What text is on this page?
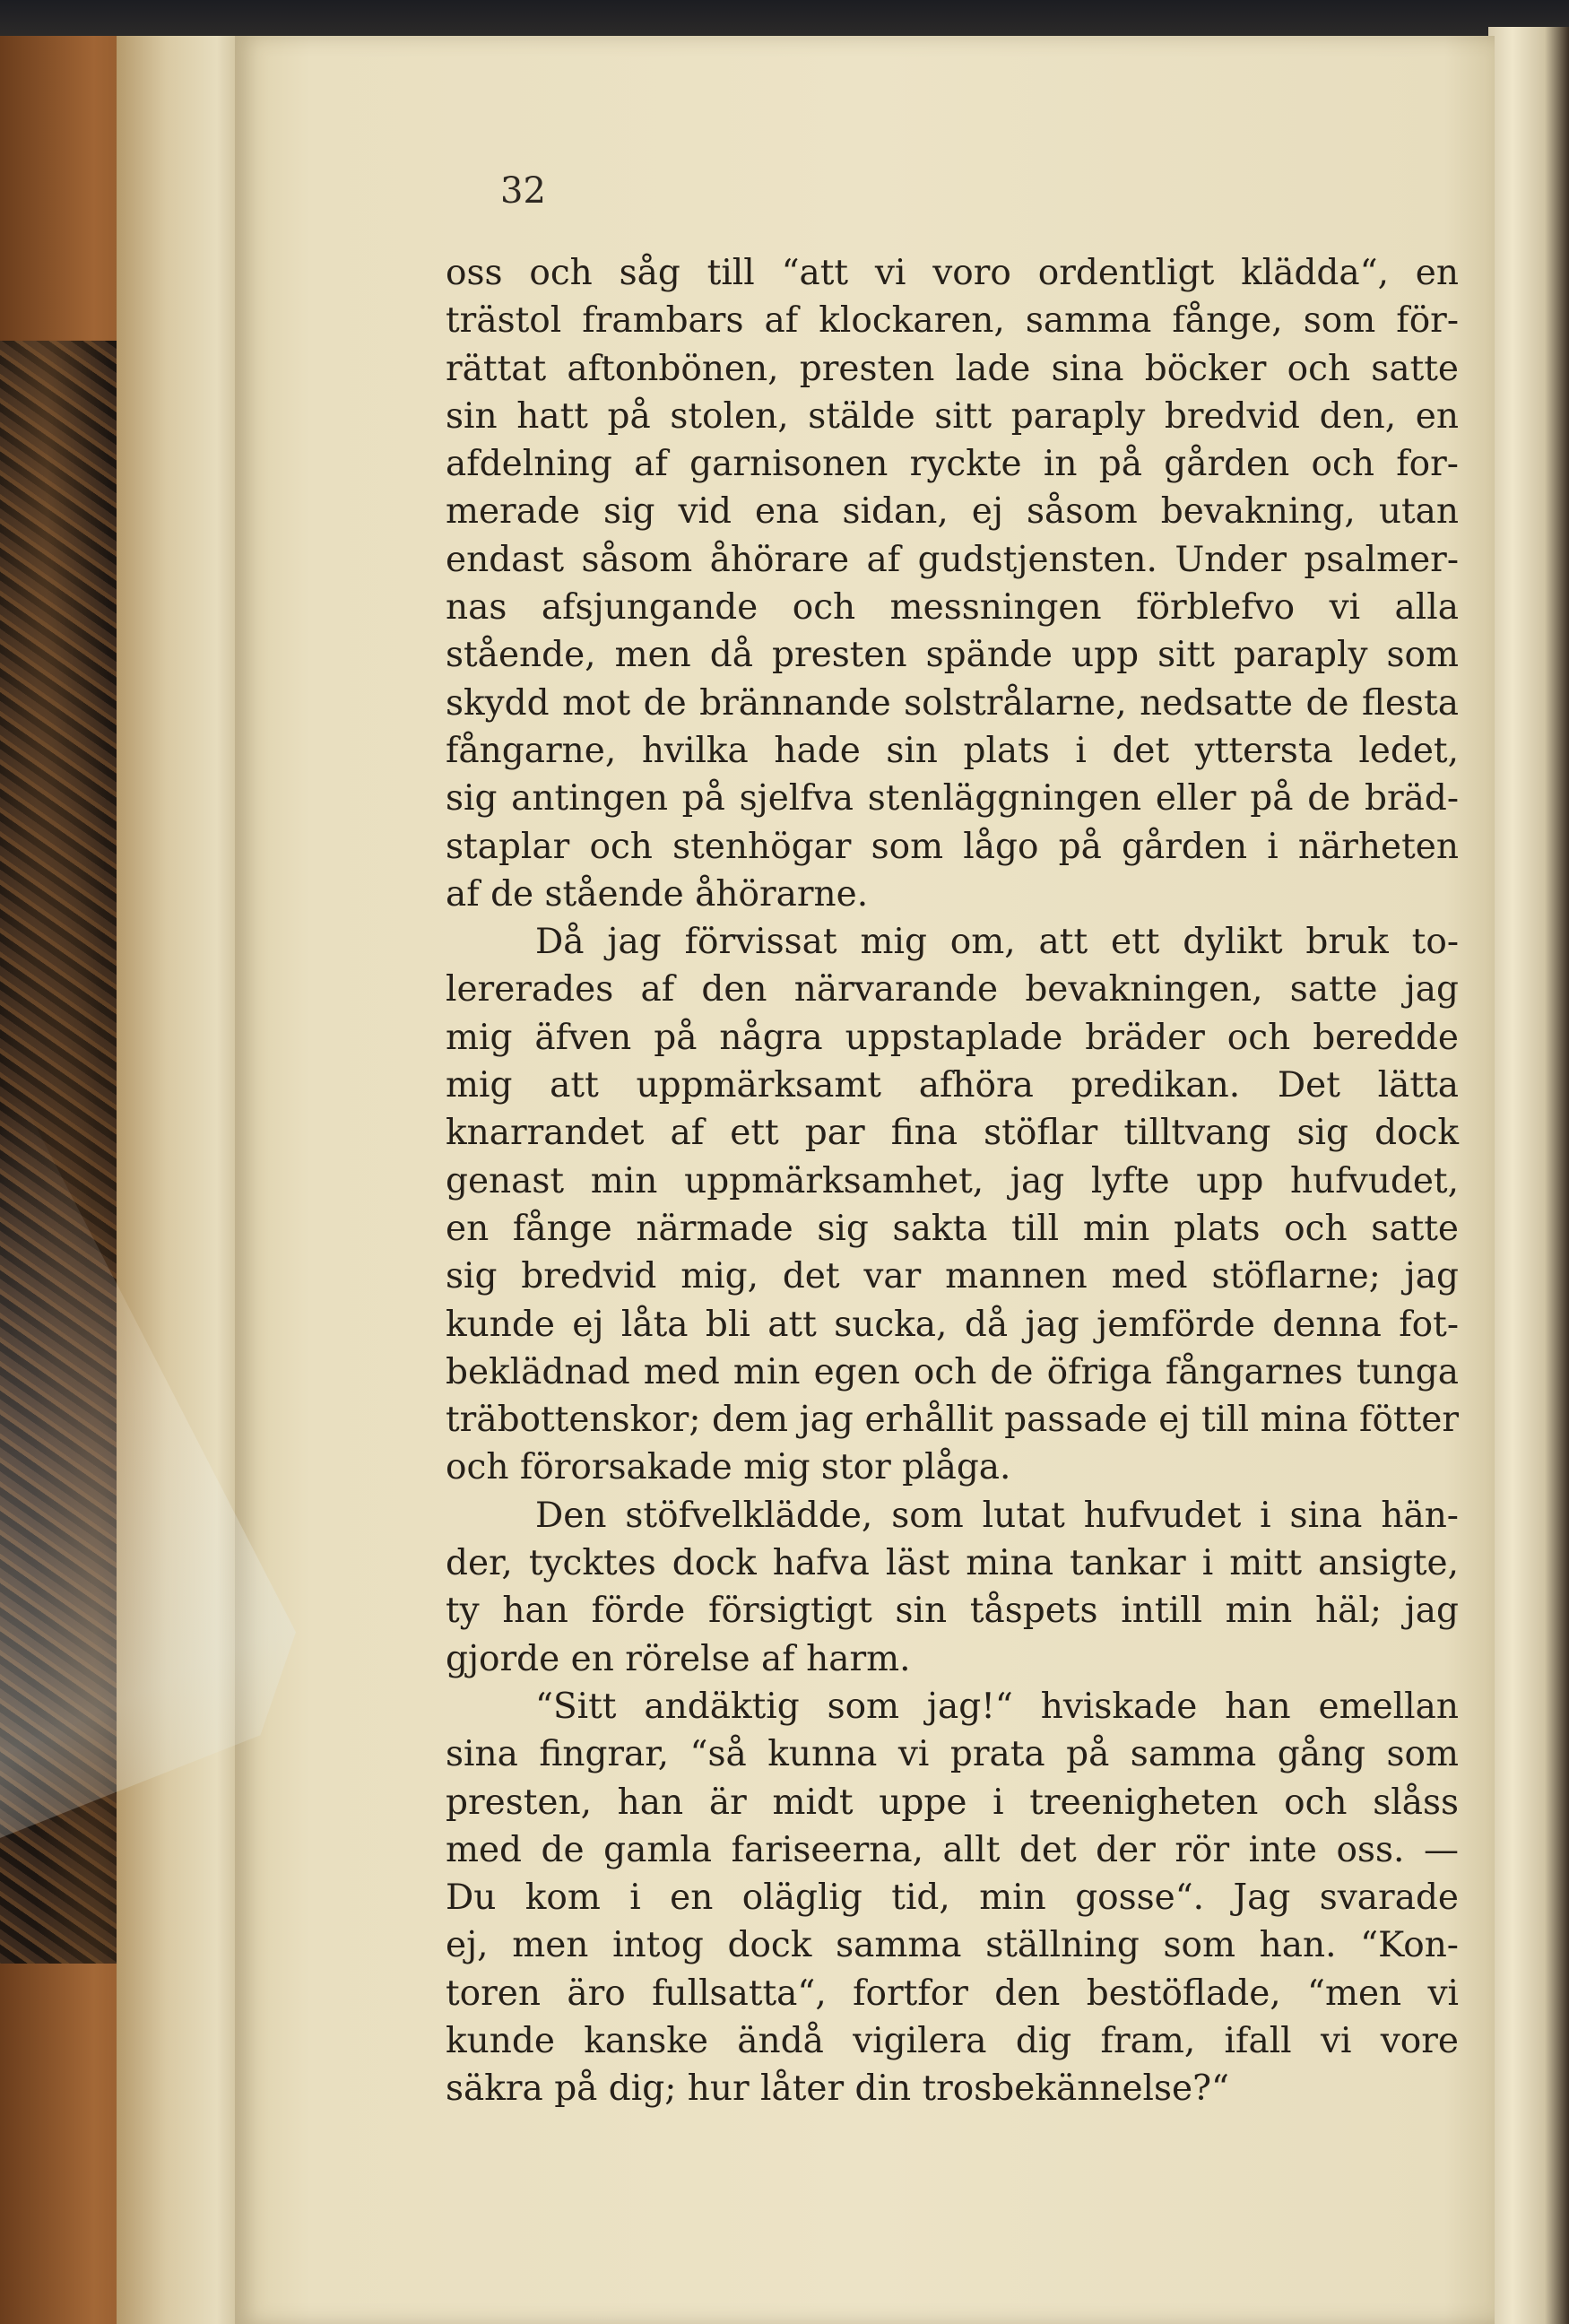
32

oss och såg till “att vi voro ordentligt klädda“, en
trästol frambars af klockaren, samma fånge, som för-
rättat aftonbönen, presten lade sina böcker och satte
sin hatt på stolen, stälde sitt paraply bredvid den, en
afdelning af garnisonen ryckte in på gården och for-
merade sig vid ena sidan, ej såsom bevakning, utan
endast såsom åhörare af gudstjensten. Under psalmer-
nas afsjungande och messningen förblefvo vi alla
stående, men då presten spände upp sitt paraply som
skydd mot de brännande solstrålarne, nedsatte de flesta
fångarne, hvilka hade sin plats i det yttersta ledet,
sig antingen på sjelfva stenläggningen eller på de bräd-
staplar och stenhögar som lågo på gården i närheten
af de stående åhörarne.
Då jag förvissat mig om, att ett dylikt bruk to-
lererades af den närvarande bevakningen, satte jag
mig äfven på några uppstaplade bräder och beredde
mig att uppmärksamt afhöra predikan. Det lätta
knarrandet af ett par fina stöflar tilltvang sig dock
genast min uppmärksamhet, jag lyfte upp hufvudet,
en fånge närmade sig sakta till min plats och satte
sig bredvid mig, det var mannen med stöflarne; jag
kunde ej låta bli att sucka, då jag jemförde denna fot-
beklädnad med min egen och de öfriga fångarnes tunga
träbottenskor; dem jag erhållit passade ej till mina fötter
och förorsakade mig stor plåga.
Den stöfvelklädde, som lutat hufvudet i sina hän-
der, tycktes dock hafva läst mina tankar i mitt ansigte,
ty han förde försigtigt sin tåspets intill min häl; jag
gjorde en rörelse af harm.
“Sitt andäktig som jag!“ hviskade han emellan
sina fingrar, “så kunna vi prata på samma gång som
presten, han är midt uppe i treenigheten och slåss
med de gamla fariseerna, allt det der rör inte oss. —
Du kom i en oläglig tid, min gosse“. Jag svarade
ej, men intog dock samma ställning som han. “Kon-
toren äro fullsatta“, fortfor den bestöflade, “men vi
kunde kanske ändå vigilera dig fram, ifall vi vore
säkra på dig; hur låter din trosbekännelse?“
